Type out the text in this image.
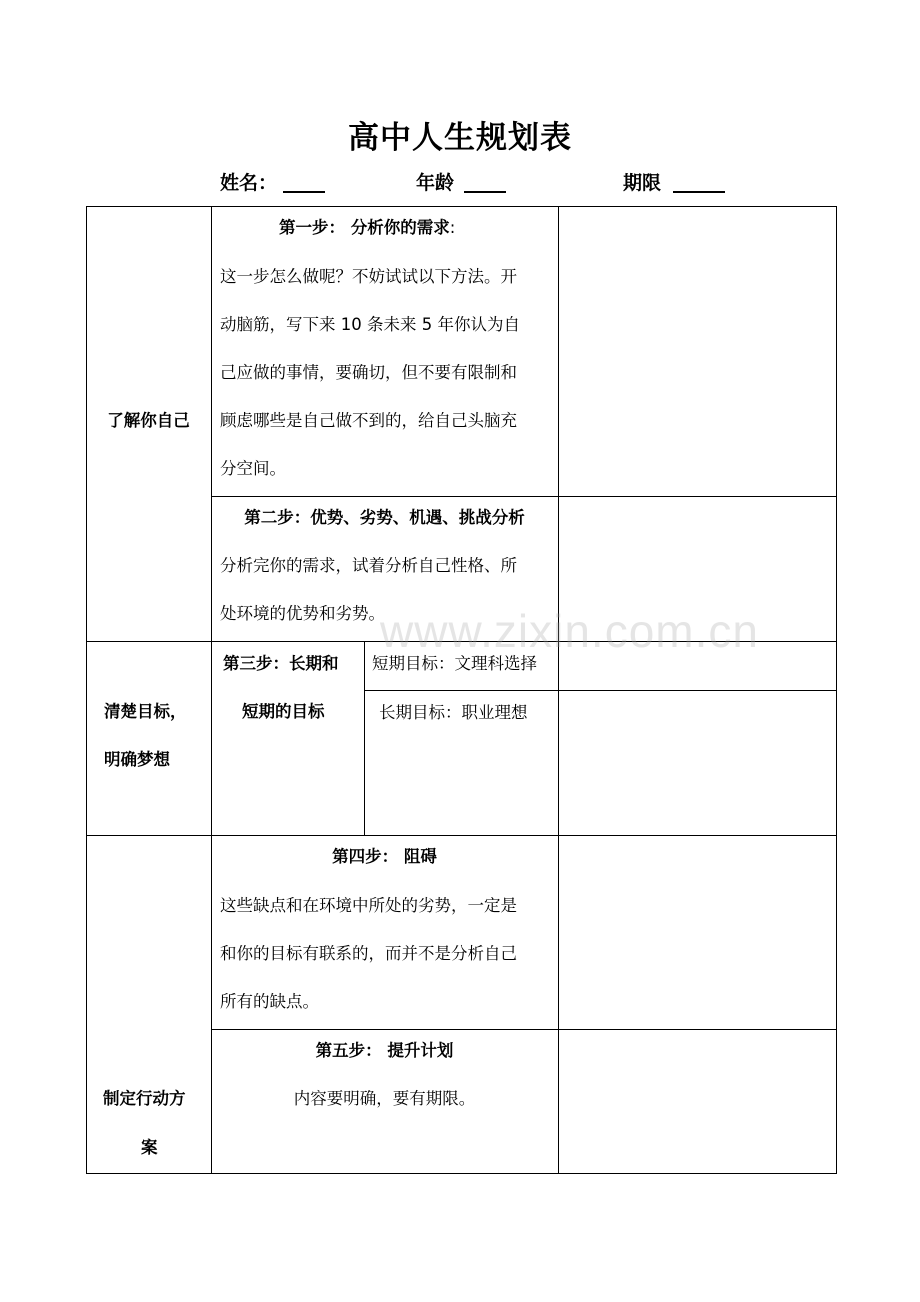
高中人生规划表
姓名：	年龄	期限
了解你自己
第一步： 分析你的需求:
这一步怎么做呢？不妨试试以下方法。开
动脑筋，写下来 10 条未来 5 年你认为自
己应做的事情，要确切，但不要有限制和
顾虑哪些是自己做不到的，给自己头脑充
分空间。
第二步：优势、劣势、机遇、挑战分析
分析完你的需求，试着分析自己性格、所
处环境的优势和劣势。
清楚目标，
明确梦想
第三步：长期和
短期的目标
短期目标：文理科选择
长期目标：职业理想
制定行动方
案
第四步： 阻碍
这些缺点和在环境中所处的劣势，一定是
和你的目标有联系的，而并不是分析自己
所有的缺点。
第五步： 提升计划
内容要明确，要有期限。
www.zixin.com.cn
